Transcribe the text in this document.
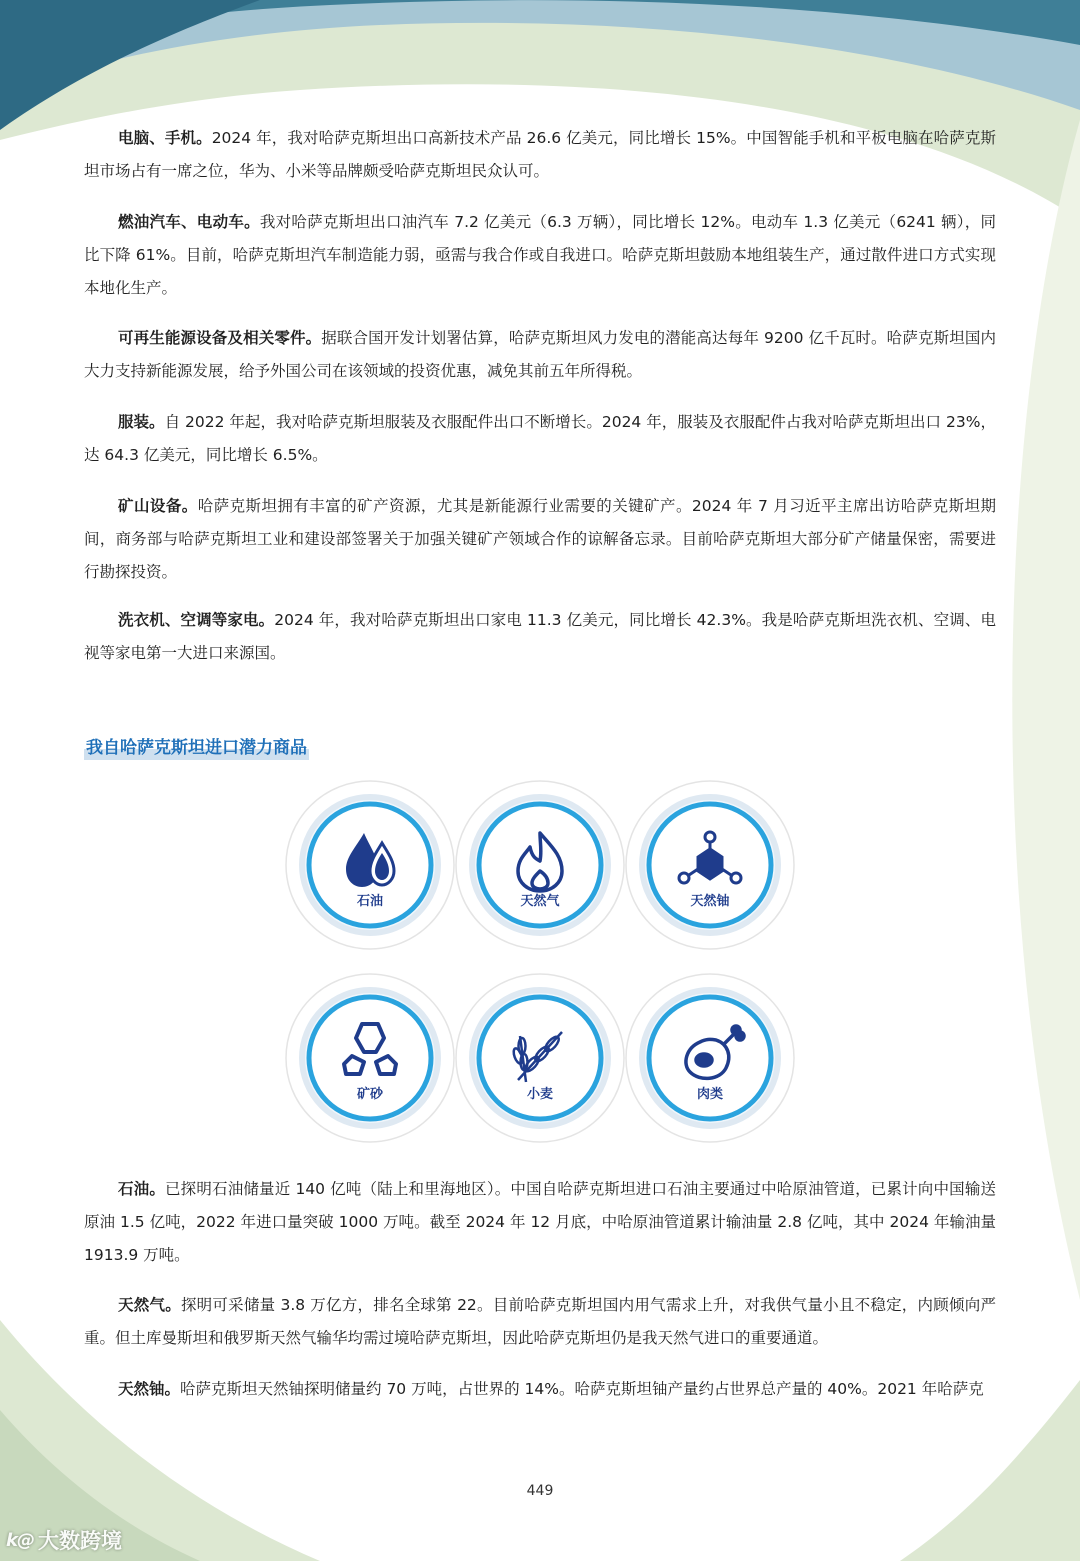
电脑、手机。2024 年，我对哈萨克斯坦出口高新技术产品 26.6 亿美元，同比增长 15%。中国智能手机和平板电脑在哈萨克斯坦市场占有一席之位，华为、小米等品牌颇受哈萨克斯坦民众认可。

燃油汽车、电动车。我对哈萨克斯坦出口油汽车 7.2 亿美元（6.3 万辆），同比增长 12%。电动车 1.3 亿美元（6241 辆），同比下降 61%。目前，哈萨克斯坦汽车制造能力弱，亟需与我合作或自我进口。哈萨克斯坦鼓励本地组装生产，通过散件进口方式实现本地化生产。

可再生能源设备及相关零件。据联合国开发计划署估算，哈萨克斯坦风力发电的潜能高达每年 9200 亿千瓦时。哈萨克斯坦国内大力支持新能源发展，给予外国公司在该领域的投资优惠，减免其前五年所得税。

服装。自 2022 年起，我对哈萨克斯坦服装及衣服配件出口不断增长。2024 年，服装及衣服配件占我对哈萨克斯坦出口 23%，达 64.3 亿美元，同比增长 6.5%。

矿山设备。哈萨克斯坦拥有丰富的矿产资源，尤其是新能源行业需要的关键矿产。2024 年 7 月习近平主席出访哈萨克斯坦期间，商务部与哈萨克斯坦工业和建设部签署关于加强关键矿产领域合作的谅解备忘录。目前哈萨克斯坦大部分矿产储量保密，需要进行勘探投资。

洗衣机、空调等家电。2024 年，我对哈萨克斯坦出口家电 11.3 亿美元，同比增长 42.3%。我是哈萨克斯坦洗衣机、空调、电视等家电第一大进口来源国。

我自哈萨克斯坦进口潜力商品
石油	天然气	天然铀
矿砂	小麦	肉类

石油。已探明石油储量近 140 亿吨（陆上和里海地区）。中国自哈萨克斯坦进口石油主要通过中哈原油管道，已累计向中国输送原油 1.5 亿吨，2022 年进口量突破 1000 万吨。截至 2024 年 12 月底，中哈原油管道累计输油量 2.8 亿吨，其中 2024 年输油量 1913.9 万吨。

天然气。探明可采储量 3.8 万亿方，排名全球第 22。目前哈萨克斯坦国内用气需求上升，对我供气量小且不稳定，内顾倾向严重。但土库曼斯坦和俄罗斯天然气输华均需过境哈萨克斯坦，因此哈萨克斯坦仍是我天然气进口的重要通道。

天然铀。哈萨克斯坦天然铀探明储量约 70 万吨，占世界的 14%。哈萨克斯坦铀产量约占世界总产量的 40%。2021 年哈萨克

449
k@ 大数跨境
